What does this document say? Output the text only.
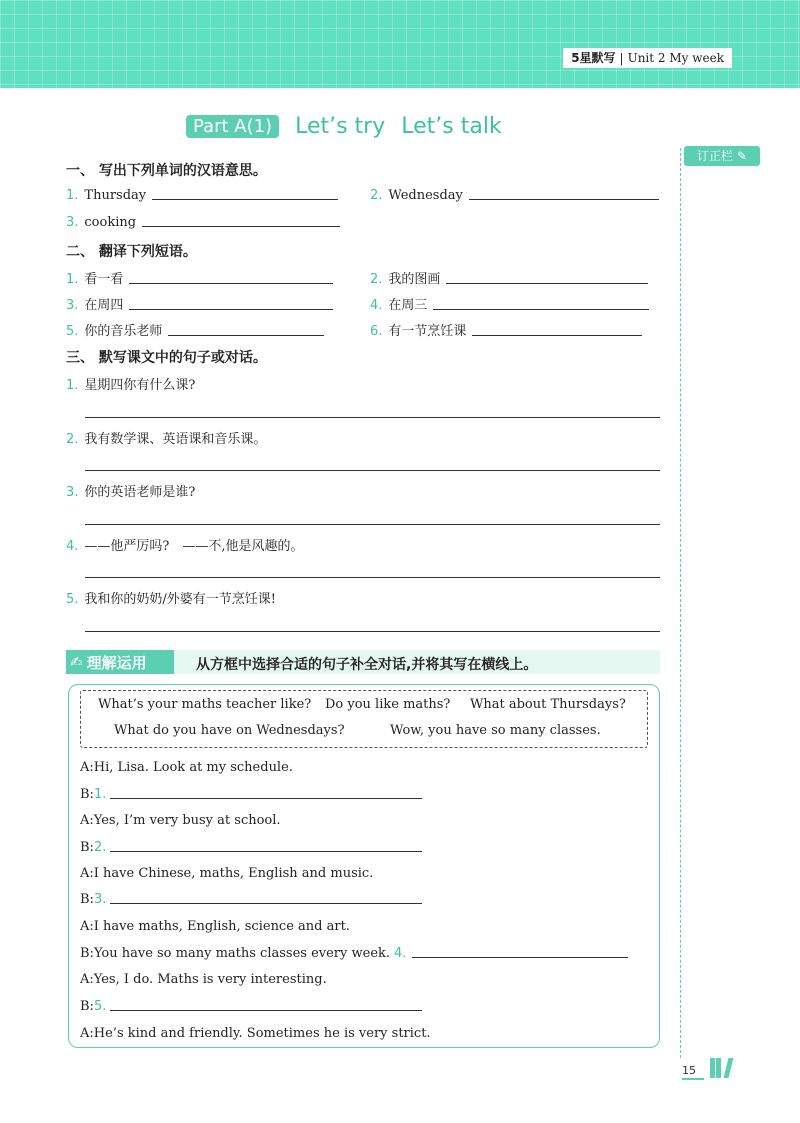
5星默写 | Unit 2 My week
订正栏 ✎
Part A(1)	Let’s try Let’s talk
一、 写出下列单词的汉语意思。
1. Thursday	2. Wednesday
3. cooking
二、 翻译下列短语。
1. 看一看	2. 我的图画
3. 在周四	4. 在周三
5. 你的音乐老师	6. 有一节烹饪课
三、 默写课文中的句子或对话。
1. 星期四你有什么课?
2. 我有数学课、英语课和音乐课。
3. 你的英语老师是谁?
4. ——他严厉吗?　——不,他是风趣的。
5. 我和你的奶奶/外婆有一节烹饪课!
✍ 理解运用	从方框中选择合适的句子补全对话,并将其写在横线上。
What’s your maths teacher like? Do you like maths? What about Thursdays?
What do you have on Wednesdays?	Wow, you have so many classes.
A: Hi, Lisa. Look at my schedule.
B: 1.
A: Yes, I’m very busy at school.
B: 2.
A: I have Chinese, maths, English and music.
B: 3.
A: I have maths, English, science and art.
B: You have so many maths classes every week. 4.
A: Yes, I do. Maths is very interesting.
B: 5.
A: He’s kind and friendly. Sometimes he is very strict.
15
